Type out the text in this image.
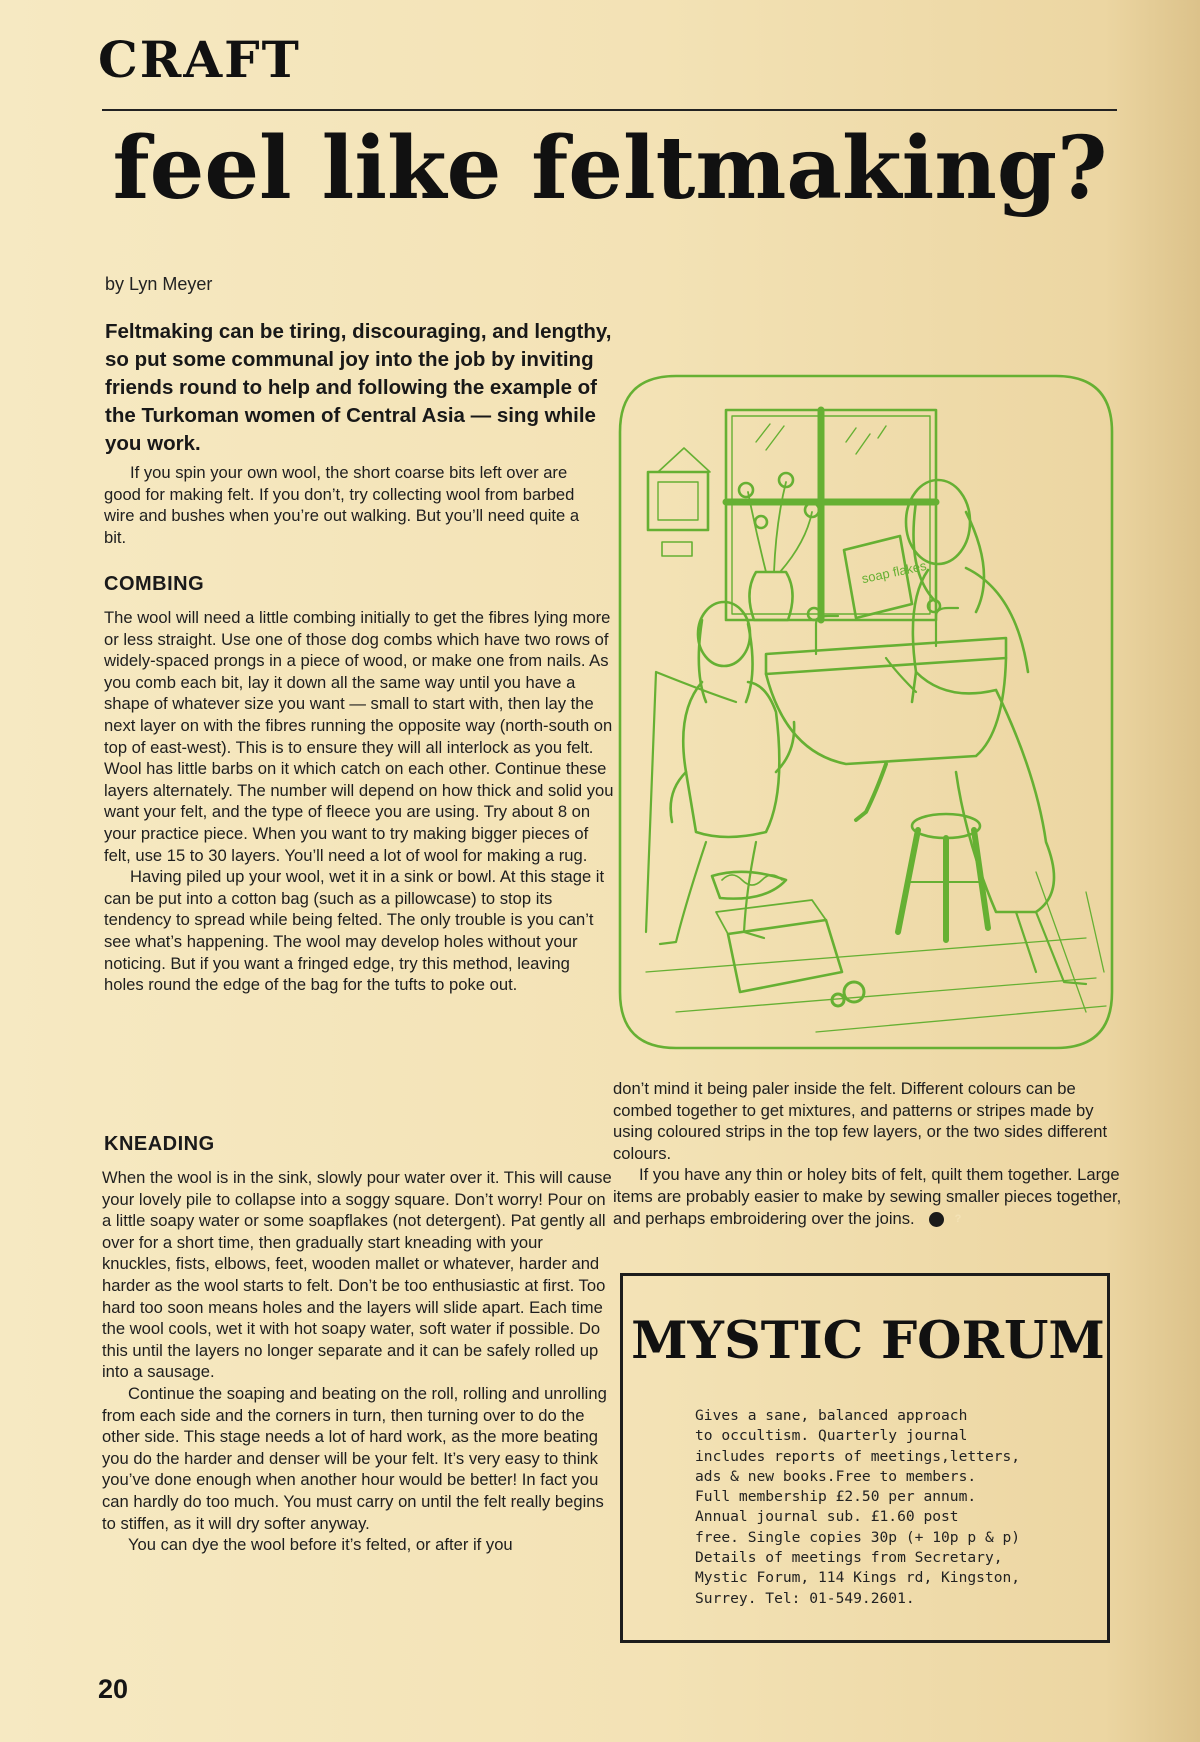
CRAFT
feel like feltmaking?
by Lyn Meyer
Feltmaking can be tiring, discouraging, and lengthy, so put some communal joy into the job by inviting friends round to help and following the example of the Turkoman women of Central Asia — sing while you work.

If you spin your own wool, the short coarse bits left over are good for making felt. If you don’t, try collecting wool from barbed wire and bushes when you’re out walking. But you’ll need quite a bit.

COMBING

The wool will need a little combing initially to get the fibres lying more or less straight. Use one of those dog combs which have two rows of widely-spaced prongs in a piece of wood, or make one from nails. As you comb each bit, lay it down all the same way until you have a shape of whatever size you want — small to start with, then lay the next layer on with the fibres running the opposite way (north-south on top of east-west). This is to ensure they will all interlock as you felt. Wool has little barbs on it which catch on each other. Continue these layers alternately. The number will depend on how thick and solid you want your felt, and the type of fleece you are using. Try about 8 on your practice piece. When you want to try making bigger pieces of felt, use 15 to 30 layers. You’ll need a lot of wool for making a rug.

Having piled up your wool, wet it in a sink or bowl. At this stage it can be put into a cotton bag (such as a pillowcase) to stop its tendency to spread while being felted. The only trouble is you can’t see what’s happening. The wool may develop holes without your noticing. But if you want a fringed edge, try this method, leaving holes round the edge of the bag for the tufts to poke out.

KNEADING

When the wool is in the sink, slowly pour water over it. This will cause your lovely pile to collapse into a soggy square. Don’t worry! Pour on a little soapy water or some soapflakes (not detergent). Pat gently all over for a short time, then gradually start kneading with your knuckles, fists, elbows, feet, wooden mallet or whatever, harder and harder as the wool starts to felt. Don’t be too enthusiastic at first. Too hard too soon means holes and the layers will slide apart. Each time the wool cools, wet it with hot soapy water, soft water if possible. Do this until the layers no longer separate and it can be safely rolled up into a sausage.

Continue the soaping and beating on the roll, rolling and unrolling from each side and the corners in turn, then turning over to do the other side. This stage needs a lot of hard work, as the more beating you do the harder and denser will be your felt. It’s very easy to think you’ve done enough when another hour would be better! In fact you can hardly do too much. You must carry on until the felt really begins to stiffen, as it will dry softer anyway.

You can dye the wool before it’s felted, or after if you

don’t mind it being paler inside the felt. Different colours can be combed together to get mixtures, and patterns or stripes made by using coloured strips in the top few layers, or the two sides different colours.

If you have any thin or holey bits of felt, quilt them together. Large items are probably easier to make by sewing smaller pieces together, and perhaps embroidering over the joins.	?

soap flakes
MYSTIC FORUM

Gives a sane, balanced approach
to occultism. Quarterly journal
includes reports of meetings,letters,
ads & new books.Free to members.
Full membership £2.50 per annum.
Annual journal sub. £1.60 post
free. Single copies 30p (+ 10p p & p)
Details of meetings from Secretary,
Mystic Forum, 114 Kings rd, Kingston,
Surrey. Tel: 01-549.2601.

20
